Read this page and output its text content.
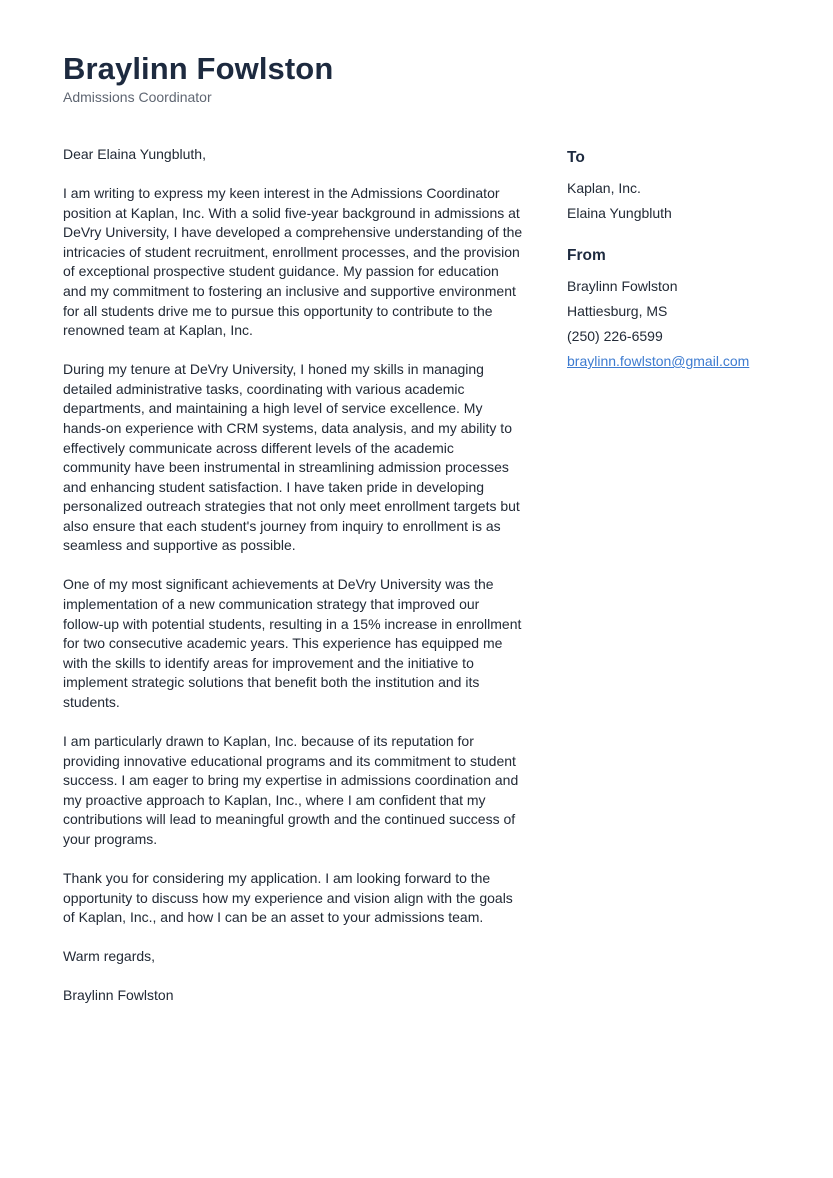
Braylinn Fowlston

Admissions Coordinator

Dear Elaina Yungbluth,

I am writing to express my keen interest in the Admissions Coordinator position at Kaplan, Inc. With a solid five-year background in admissions at DeVry University, I have developed a comprehensive understanding of the intricacies of student recruitment, enrollment processes, and the provision of exceptional prospective student guidance. My passion for education and my commitment to fostering an inclusive and supportive environment for all students drive me to pursue this opportunity to contribute to the renowned team at Kaplan, Inc.

During my tenure at DeVry University, I honed my skills in managing detailed administrative tasks, coordinating with various academic departments, and maintaining a high level of service excellence. My hands-on experience with CRM systems, data analysis, and my ability to effectively communicate across different levels of the academic community have been instrumental in streamlining admission processes and enhancing student satisfaction. I have taken pride in developing personalized outreach strategies that not only meet enrollment targets but also ensure that each student's journey from inquiry to enrollment is as seamless and supportive as possible.

One of my most significant achievements at DeVry University was the implementation of a new communication strategy that improved our follow-up with potential students, resulting in a 15% increase in enrollment for two consecutive academic years. This experience has equipped me with the skills to identify areas for improvement and the initiative to implement strategic solutions that benefit both the institution and its students.

I am particularly drawn to Kaplan, Inc. because of its reputation for providing innovative educational programs and its commitment to student success. I am eager to bring my expertise in admissions coordination and my proactive approach to Kaplan, Inc., where I am confident that my contributions will lead to meaningful growth and the continued success of your programs.

Thank you for considering my application. I am looking forward to the opportunity to discuss how my experience and vision align with the goals of Kaplan, Inc., and how I can be an asset to your admissions team.

Warm regards,

Braylinn Fowlston

To

Kaplan, Inc.

Elaina Yungbluth

From

Braylinn Fowlston

Hattiesburg, MS

(250) 226-6599

braylinn.fowlston@gmail.com
